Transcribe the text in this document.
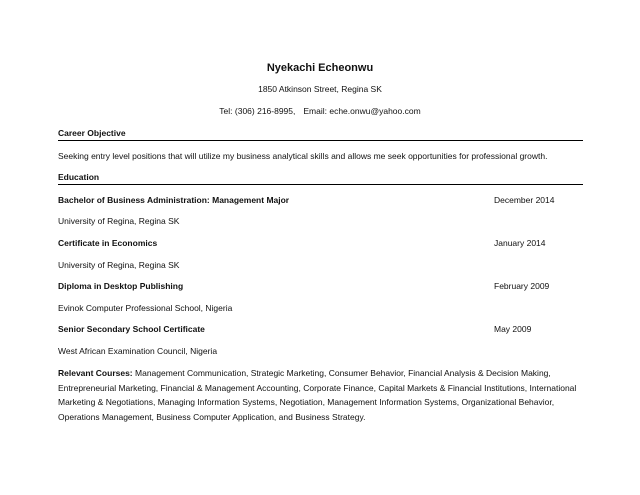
Nyekachi Echeonwu
1850 Atkinson Street, Regina SK
Tel: (306) 216-8995, Email: eche.onwu@yahoo.com
Career Objective
Seeking entry level positions that will utilize my business analytical skills and allows me seek opportunities for professional growth.
Education
Bachelor of Business Administration: Management Major	December 2014
University of Regina, Regina SK
Certificate in Economics	January 2014
University of Regina, Regina SK
Diploma in Desktop Publishing	February 2009
Evinok Computer Professional School, Nigeria
Senior Secondary School Certificate	May 2009
West African Examination Council, Nigeria
Relevant Courses: Management Communication, Strategic Marketing, Consumer Behavior, Financial Analysis & Decision Making, Entrepreneurial Marketing, Financial & Management Accounting, Corporate Finance, Capital Markets & Financial Institutions, International Marketing & Negotiations, Managing Information Systems, Negotiation, Management Information Systems, Organizational Behavior, Operations Management, Business Computer Application, and Business Strategy.
